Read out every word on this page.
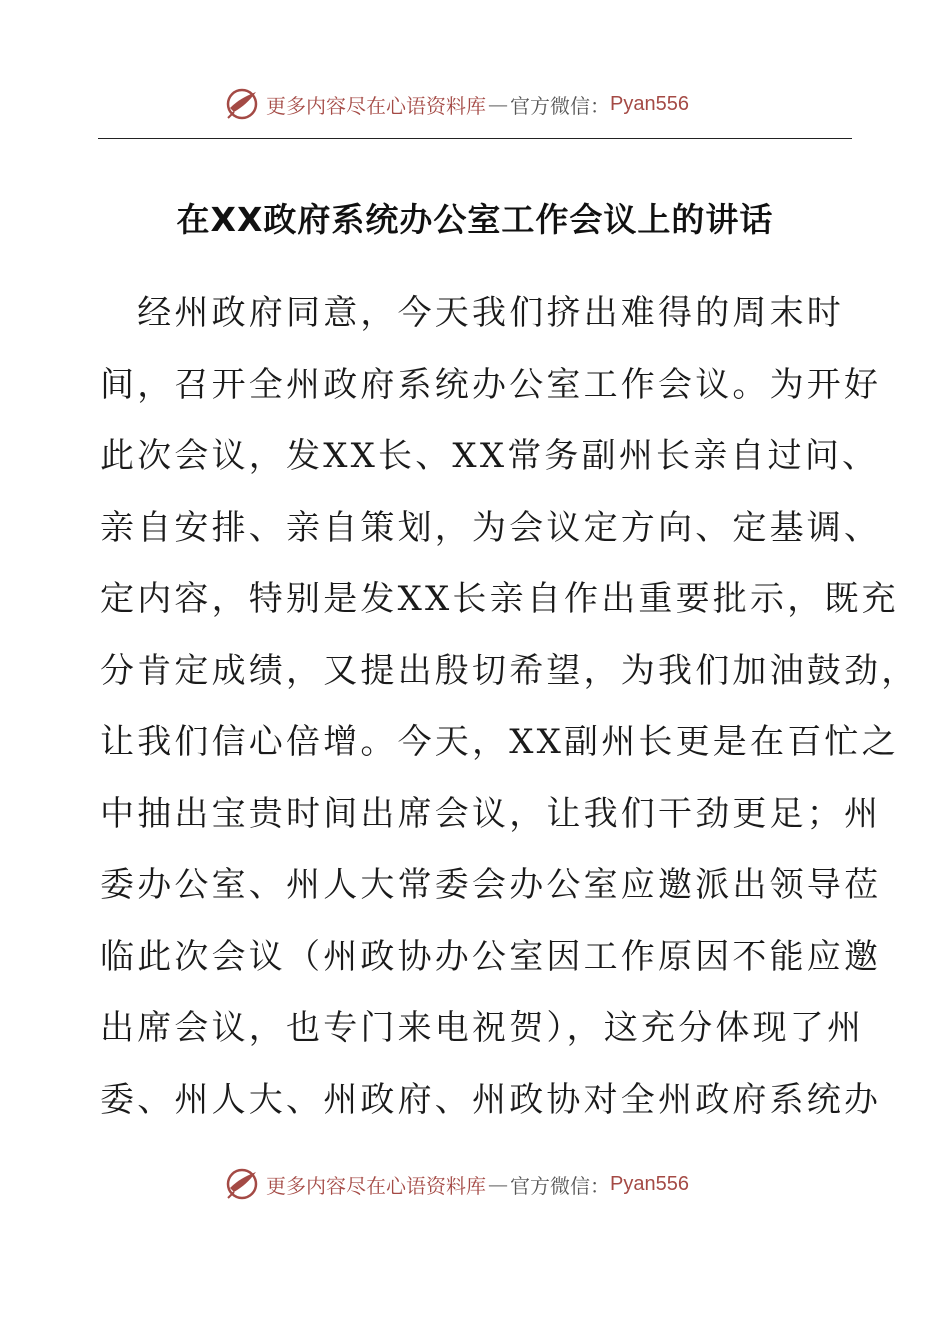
更多内容尽在心语资料库 — 官方微信： Pyan556
在XX政府系统办公室工作会议上的讲话
　经州政府同意，今天我们挤出难得的周末时
间，召开全州政府系统办公室工作会议。为开好
此次会议，发XX长、XX常务副州长亲自过问、
亲自安排、亲自策划，为会议定方向、定基调、
定内容，特别是发XX长亲自作出重要批示，既充
分肯定成绩，又提出殷切希望，为我们加油鼓劲，
让我们信心倍增。今天，XX副州长更是在百忙之
中抽出宝贵时间出席会议，让我们干劲更足；州
委办公室、州人大常委会办公室应邀派出领导莅
临此次会议（州政协办公室因工作原因不能应邀
出席会议，也专门来电祝贺），这充分体现了州
委、州人大、州政府、州政协对全州政府系统办
更多内容尽在心语资料库 — 官方微信： Pyan556
